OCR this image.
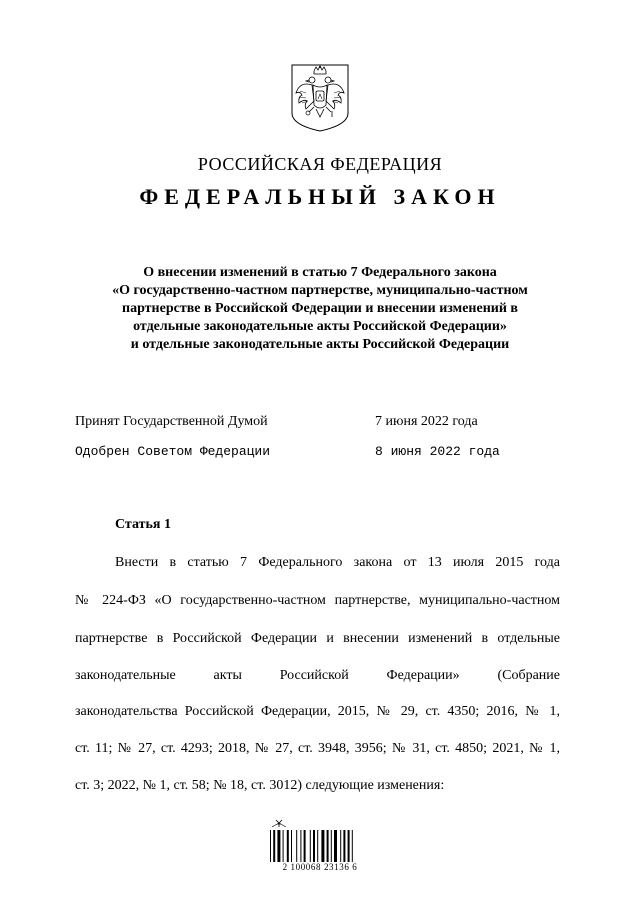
РОССИЙСКАЯ ФЕДЕРАЦИЯ
ФЕДЕРАЛЬНЫЙ ЗАКОН
О внесении изменений в статью 7 Федерального закона
«О государственно-частном партнерстве, муниципально-частном
партнерстве в Российской Федерации и внесении изменений в
отдельные законодательные акты Российской Федерации»
и отдельные законодательные акты Российской Федерации
Принят Государственной Думой	7 июня 2022 года
Одобрен Советом Федерации	8 июня 2022 года
Статья 1
Внести в статью 7 Федерального закона от 13 июля 2015 года
№ 224-ФЗ «О государственно-частном партнерстве, муниципально-частном
партнерстве в Российской Федерации и внесении изменений в отдельные
законодательные акты Российской Федерации» (Собрание
законодательства Российской Федерации, 2015, № 29, ст. 4350; 2016, № 1,
ст. 11; № 27, ст. 4293; 2018, № 27, ст. 3948, 3956; № 31, ст. 4850; 2021, № 1,
ст. 3; 2022, № 1, ст. 58; № 18, ст. 3012) следующие изменения:
2 100068 23136 6
